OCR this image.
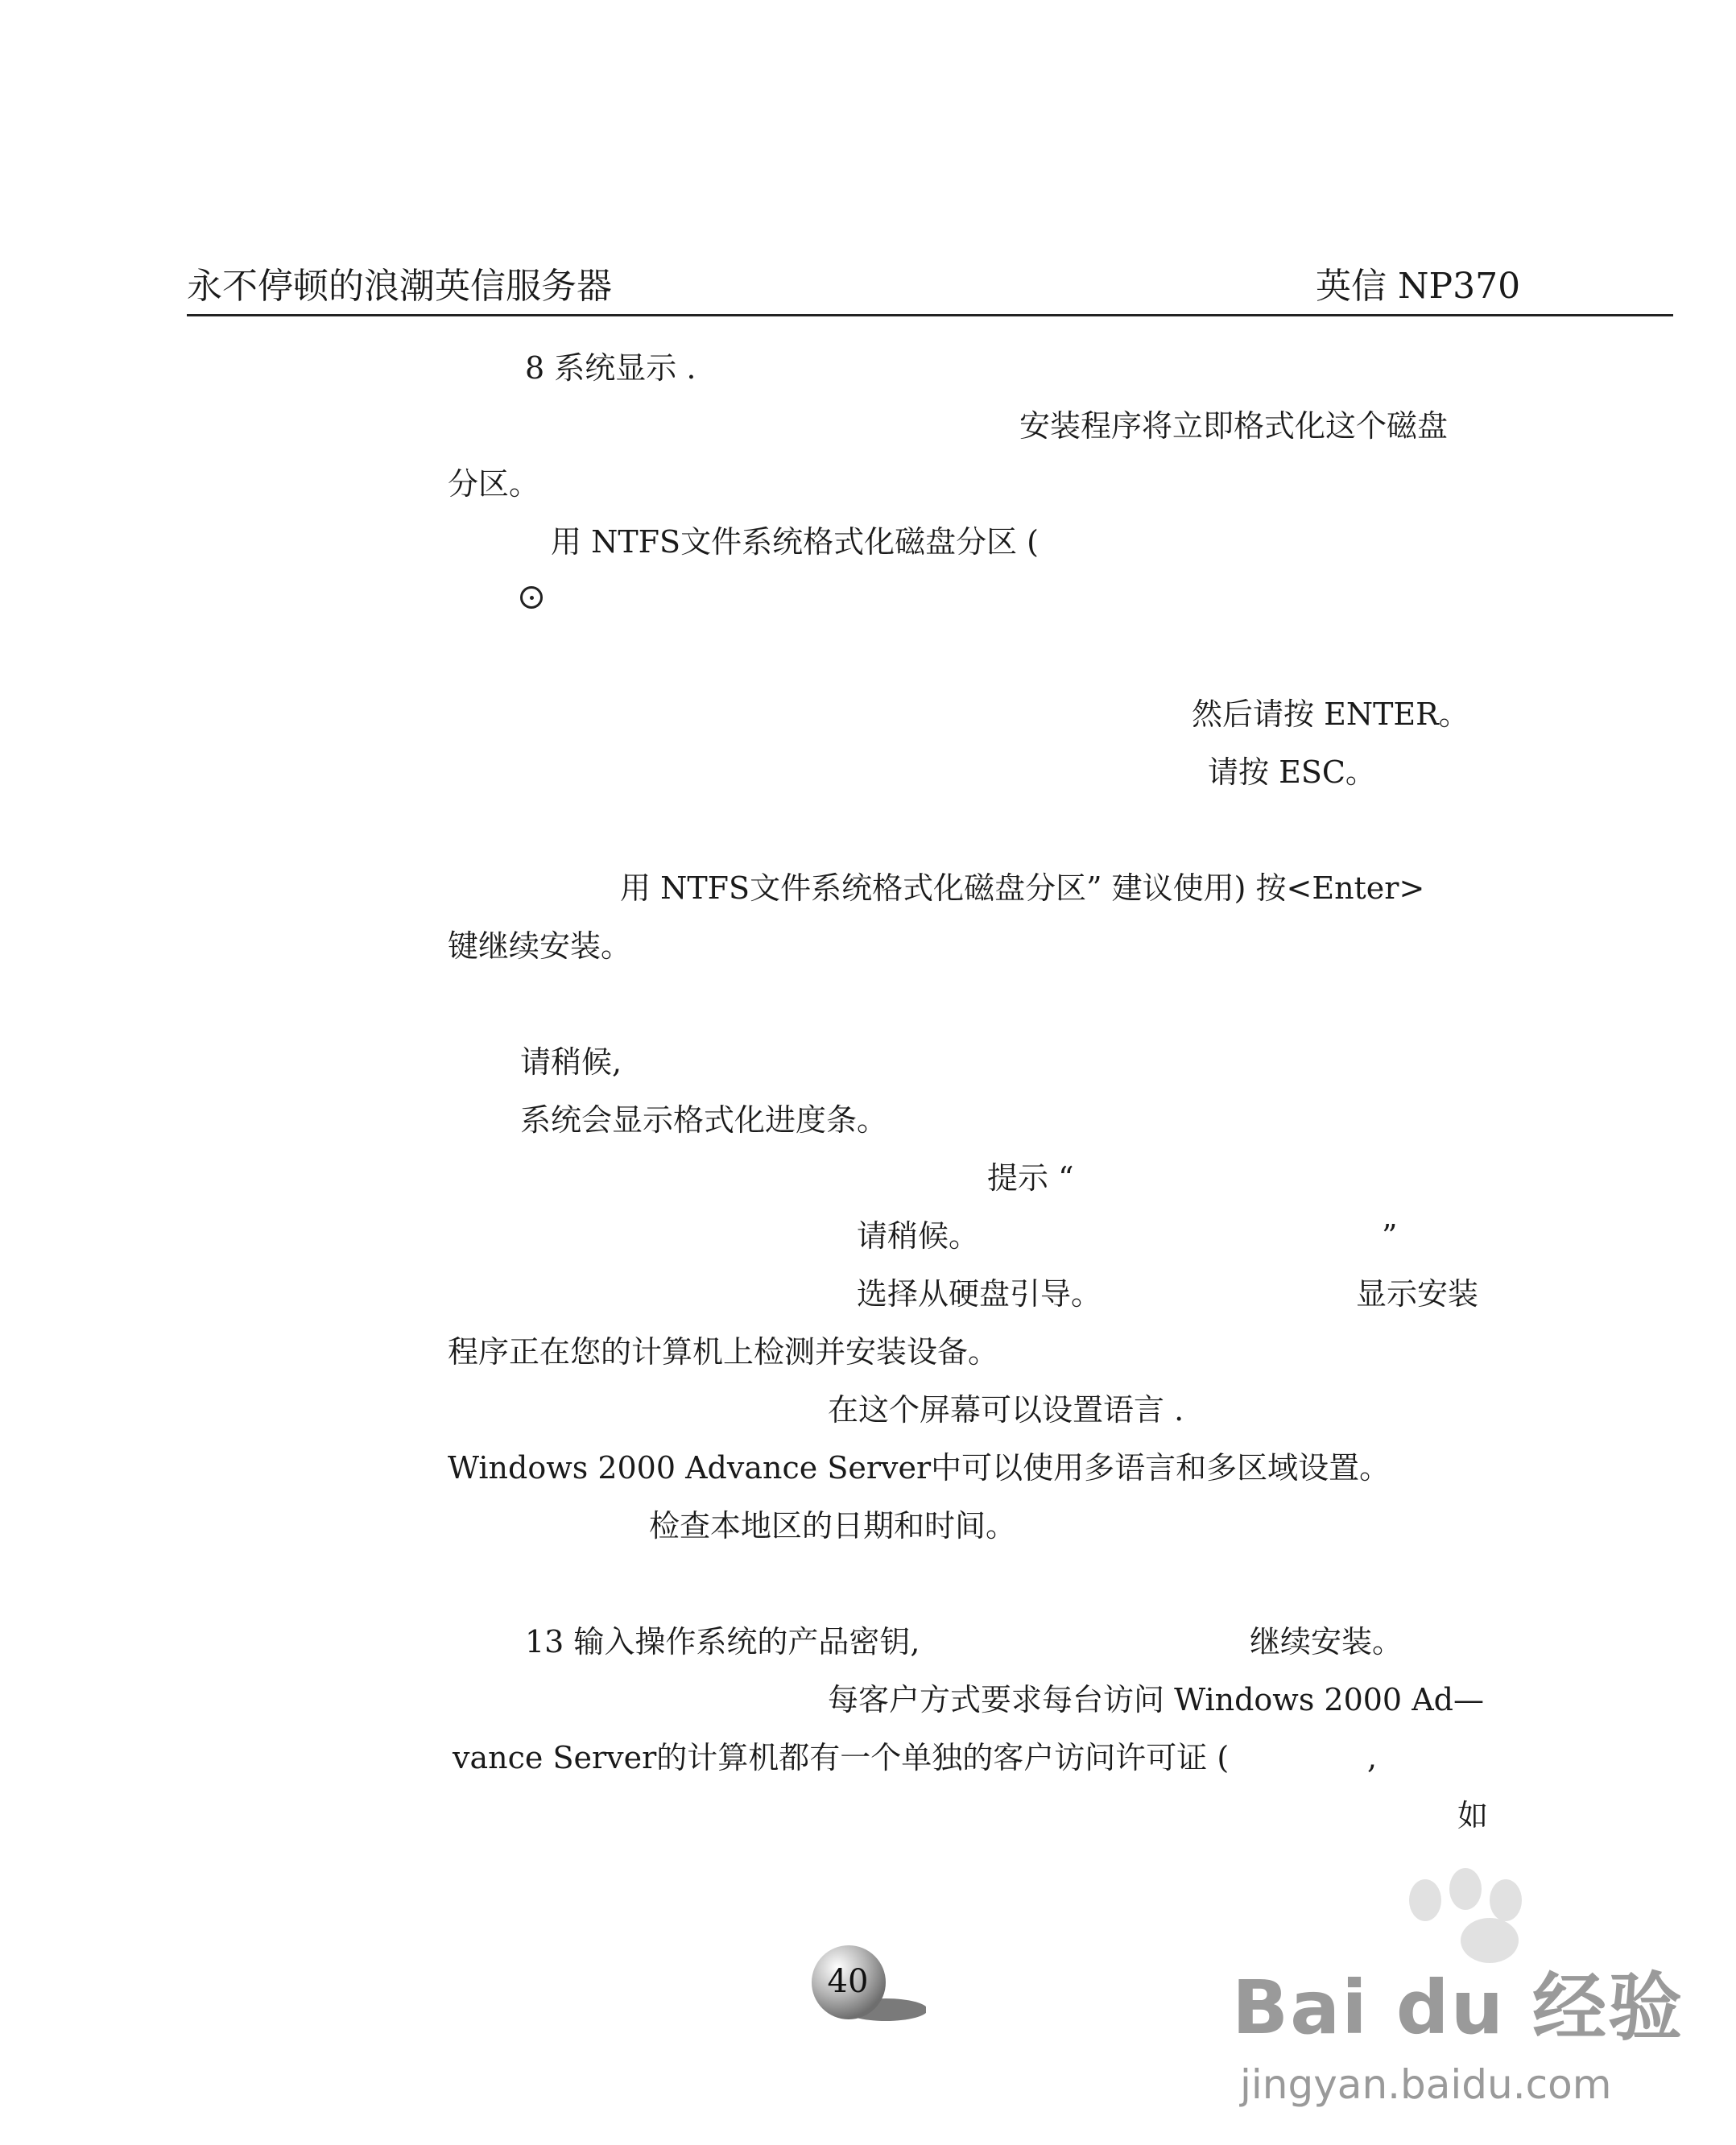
永不停顿的浪潮英信服务器	英信 NP370
8 系统显示 .
安装程序将立即格式化这个磁盘
分区。
用 NTFS文件系统格式化磁盘分区 (
然后请按 ENTER。
请按 ESC。
用 NTFS文件系统格式化磁盘分区” 建议使用) 按<Enter>
键继续安装。
请稍候,
系统会显示格式化进度条。
提示 “
请稍候。	”
选择从硬盘引导。	显示安装
程序正在您的计算机上检测并安装设备。
在这个屏幕可以设置语言 .
Windows 2000 Advance Server中可以使用多语言和多区域设置。
检查本地区的日期和时间。
13 输入操作系统的产品密钥,	继续安装。
每客户方式要求每台访问 Windows 2000 Ad—
vance Server的计算机都有一个单独的客户访问许可证 (	,
如
40	Bai du 经验
jingyan.baidu.com
